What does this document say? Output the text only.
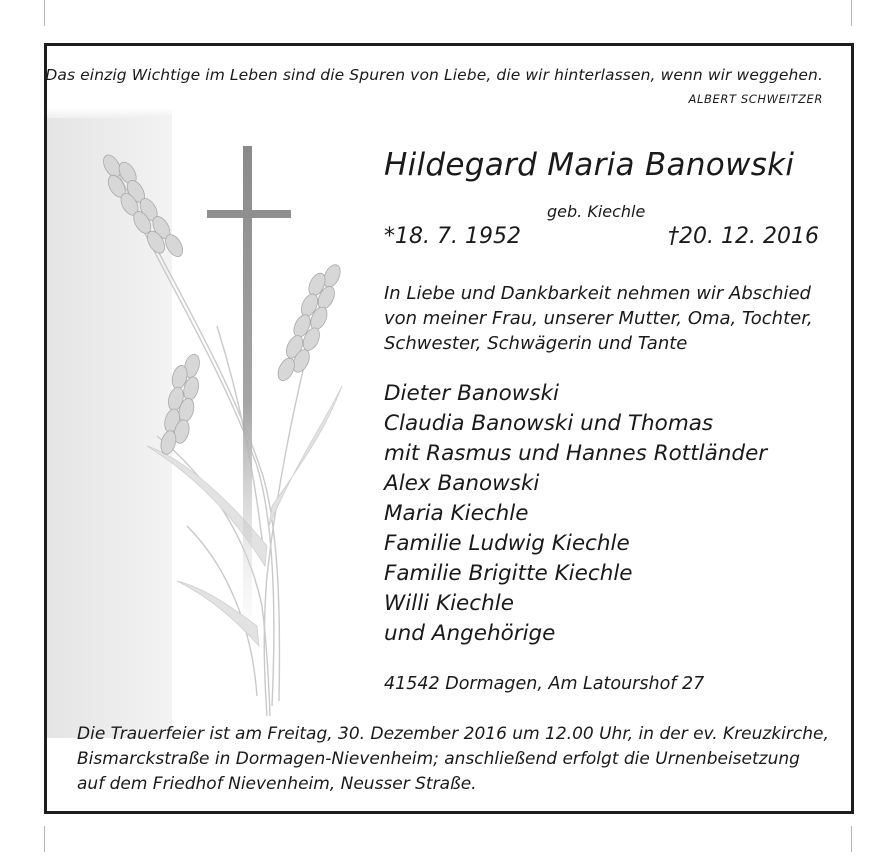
Das einzig Wichtige im Leben sind die Spuren von Liebe, die wir hinterlassen, wenn wir weggehen.
ALBERT SCHWEITZER
Hildegard Maria Banowski
geb. Kiechle
*18. 7. 1952	†20. 12. 2016
In Liebe und Dankbarkeit nehmen wir Abschied
von meiner Frau, unserer Mutter, Oma, Tochter,
Schwester, Schwägerin und Tante
Dieter Banowski
Claudia Banowski und Thomas
mit Rasmus und Hannes Rottländer
Alex Banowski
Maria Kiechle
Familie Ludwig Kiechle
Familie Brigitte Kiechle
Willi Kiechle
und Angehörige
41542 Dormagen, Am Latourshof 27
Die Trauerfeier ist am Freitag, 30. Dezember 2016 um 12.00 Uhr, in der ev. Kreuzkirche,
Bismarckstraße in Dormagen-Nievenheim; anschließend erfolgt die Urnenbeisetzung
auf dem Friedhof Nievenheim, Neusser Straße.
